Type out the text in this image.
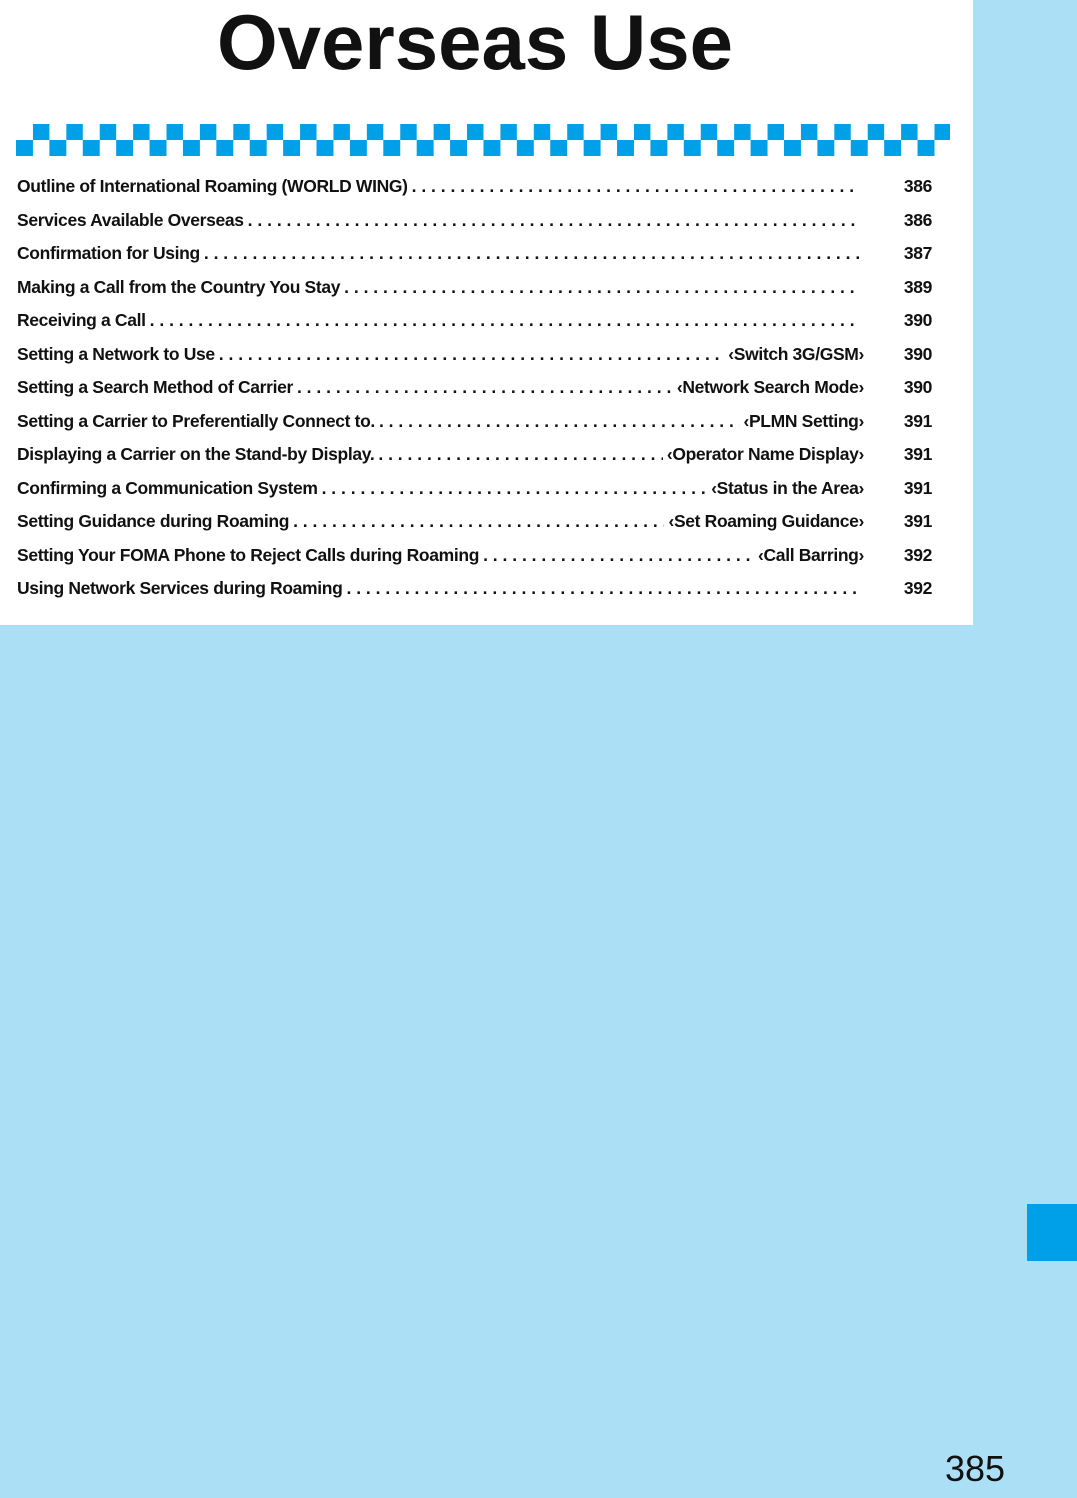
Overseas Use
Outline of International Roaming (WORLD WING) . . .	386
Services Available Overseas . . .	386
Confirmation for Using . . .	387
Making a Call from the Country You Stay . . .	389
Receiving a Call . . .	390
Setting a Network to Use . . .	‹Switch 3G/GSM›	390
Setting a Search Method of Carrier . . .	‹Network Search Mode›	390
Setting a Carrier to Preferentially Connect to. . . .	‹PLMN Setting›	391
Displaying a Carrier on the Stand-by Display. . . .	‹Operator Name Display›	391
Confirming a Communication System . . .	‹Status in the Area›	391
Setting Guidance during Roaming . . .	‹Set Roaming Guidance›	391
Setting Your FOMA Phone to Reject Calls during Roaming . . .	‹Call Barring›	392
Using Network Services during Roaming . . .	392
385
